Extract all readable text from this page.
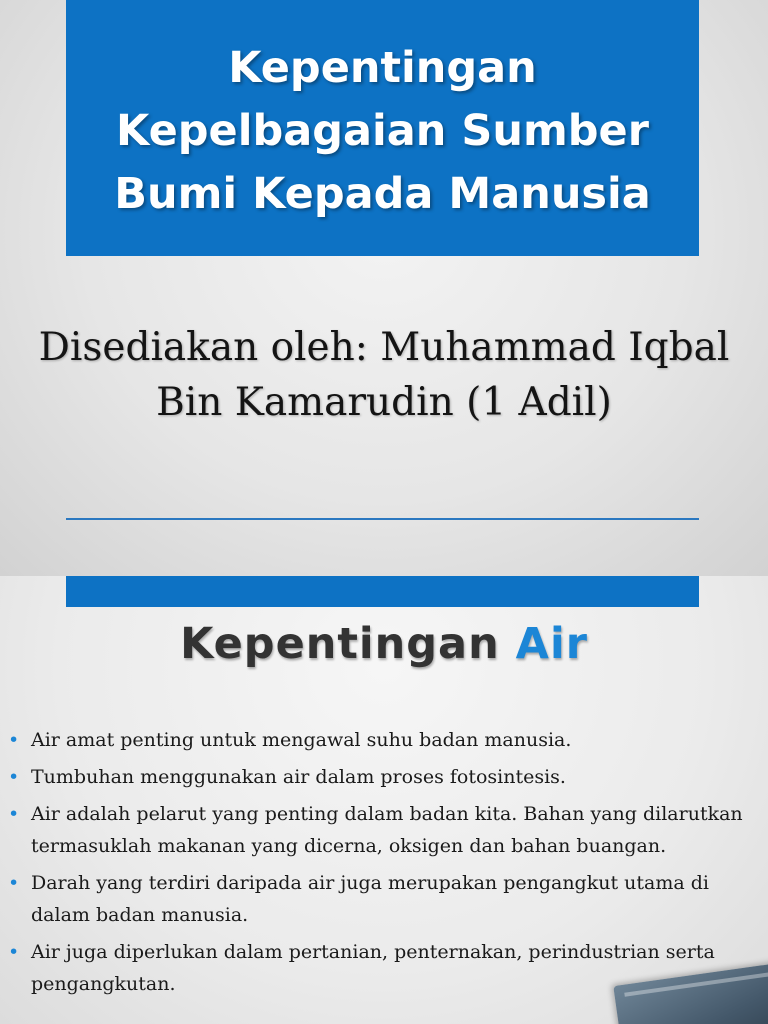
Kepentingan
Kepelbagaian Sumber
Bumi Kepada Manusia

Disediakan oleh: Muhammad Iqbal
Bin Kamarudin (1 Adil)

Kepentingan Air
• Air amat penting untuk mengawal suhu badan manusia.
• Tumbuhan menggunakan air dalam proses fotosintesis.
• Air adalah pelarut yang penting dalam badan kita. Bahan yang dilarutkan termasuklah makanan yang dicerna, oksigen dan bahan buangan.
• Darah yang terdiri daripada air juga merupakan pengangkut utama di dalam badan manusia.
• Air juga diperlukan dalam pertanian, penternakan, perindustrian serta pengangkutan.
